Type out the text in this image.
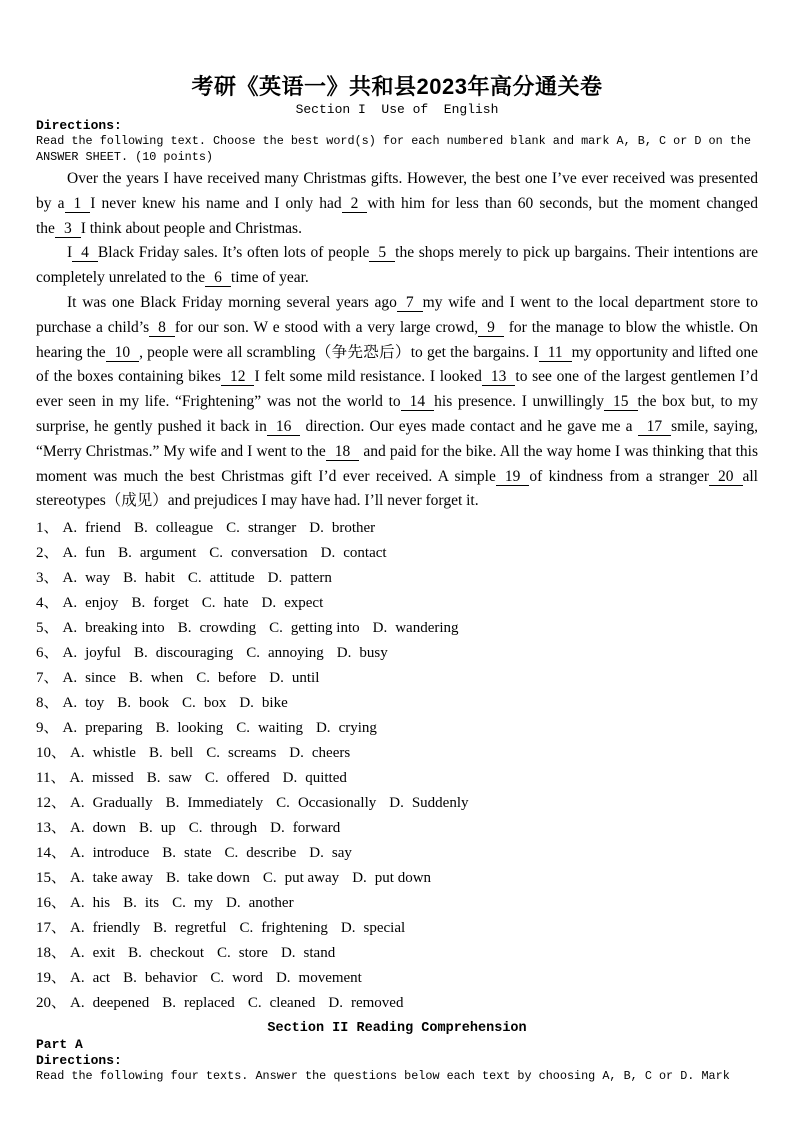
考研《英语一》共和县2023年高分通关卷
Section I  Use of  English
Directions:
Read the following text. Choose the best word(s) for each numbered blank and mark A, B, C or D on the
ANSWER SHEET. (10 points)

Over the years I have received many Christmas gifts. However, the best one I’ve ever received was presented by a 1 I never knew his name and I only had 2 with him for less than 60 seconds, but the moment changed the 3 I think about people and Christmas.

I 4 Black Friday sales. It’s often lots of people 5 the shops merely to pick up bargains. Their intentions are completely unrelated to the 6 time of year.

It was one Black Friday morning several years ago 7 my wife and I went to the local department store to purchase a child’s 8 for our son. W e stood with a very large crowd, 9 for the manage to blow the whistle. On hearing the 10 , people were all scrambling（争先恐后）to get the bargains. I 11 my opportunity and lifted one of the boxes containing bikes 12 I felt some mild resistance. I looked 13 to see one of the largest gentlemen I’d ever seen in my life. “Frightening” was not the world to 14 his presence. I unwillingly 15 the box but, to my surprise, he gently pushed it back in 16 direction. Our eyes made contact and he gave me a 17 smile, saying, “Merry Christmas.” My wife and I went to the 18 and paid for the bike. All the way home I was thinking that this moment was much the best Christmas gift I’d ever received. A simple 19 of kindness from a stranger 20 all stereotypes（成见）and prejudices I may have had. I’ll never forget it.

1、 A. friend B. colleague C. stranger D. brother
2、 A. fun B. argument C. conversation D. contact
3、 A. way B. habit C. attitude D. pattern
4、 A. enjoy B. forget C. hate D. expect
5、 A. breaking into B. crowding C. getting into D. wandering
6、 A. joyful B. discouraging C. annoying D. busy
7、 A. since B. when C. before D. until
8、 A. toy B. book C. box D. bike
9、 A. preparing B. looking C. waiting D. crying
10、 A. whistle B. bell C. screams D. cheers
11、 A. missed B. saw C. offered D. quitted
12、 A. Gradually B. Immediately C. Occasionally D. Suddenly
13、 A. down B. up C. through D. forward
14、 A. introduce B. state C. describe D. say
15、 A. take away B. take down C. put away D. put down
16、 A. his B. its C. my D. another
17、 A. friendly B. regretful C. frightening D. special
18、 A. exit B. checkout C. store D. stand
19、 A. act B. behavior C. word D. movement
20、 A. deepened B. replaced C. cleaned D. removed
Section II Reading Comprehension
Part A
Directions:
Read the following four texts. Answer the questions below each text by choosing A, B, C or D. Mark
